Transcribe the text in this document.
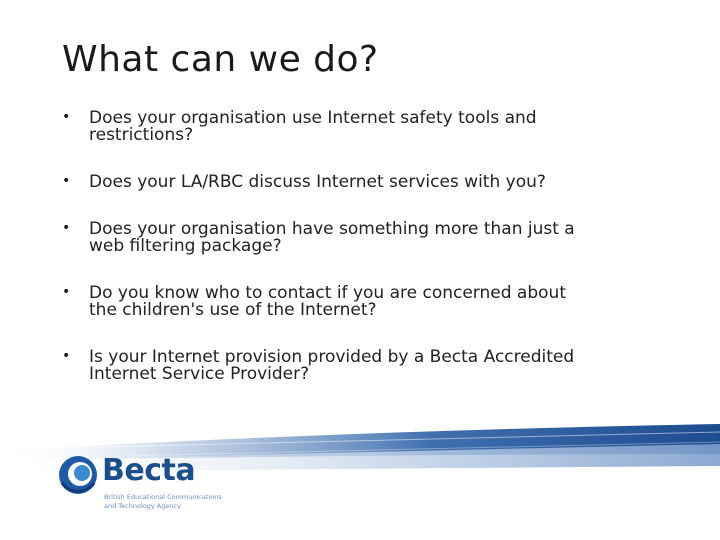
What can we do?
• Does your organisation use Internet safety tools and
restrictions?
• Does your LA/RBC discuss Internet services with you?
• Does your organisation have something more than just a
web filtering package?
• Do you know who to contact if you are concerned about
the children's use of the Internet?
• Is your Internet provision provided by a Becta Accredited
Internet Service Provider?
Becta
British Educational Communications
and Technology Agency
